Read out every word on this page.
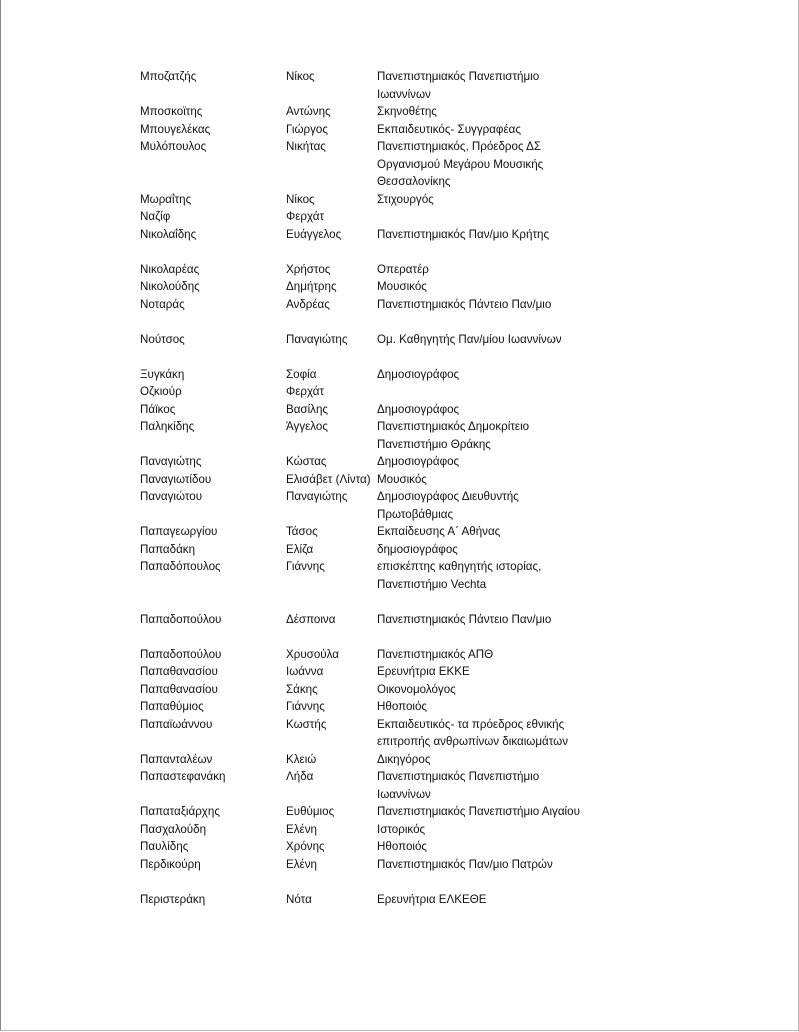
Μποζατζής	Νίκος	Πανεπιστημιακός Πανεπιστήμιο Ιωαννίνων
Μποσκοϊτης	Αντώνης	Σκηνοθέτης
Μπουγελέκας	Γιώργος	Εκπαιδευτικός- Συγγραφέας
Μυλόπουλος	Νικήτας	Πανεπιστημιακός, Πρόεδρος ΔΣ Οργανισμού Μεγάρου Μουσικής Θεσσαλονίκης
Μωραΐτης	Νίκος	Στιχουργός
Ναζίφ	Φερχάτ
Νικολαΐδης	Ευάγγελος	Πανεπιστημιακός Παν/μιο Κρήτης
Νικολαρέας	Χρήστος	Οπερατέρ
Νικολούδης	Δημήτρης	Μουσικός
Νοταράς	Ανδρέας	Πανεπιστημιακός Πάντειο Παν/μιο
Νούτσος	Παναγιώτης	Ομ. Καθηγητής Παν/μίου Ιωαννίνων
Ξυγκάκη	Σοφία	Δημοσιογράφος
Οζκιούρ	Φερχάτ
Πάϊκος	Βασίλης	Δημοσιογράφος
Παληκίδης	Άγγελος	Πανεπιστημιακός Δημοκρίτειο Πανεπιστήμιο Θράκης
Παναγιώτης	Κώστας	Δημοσιογράφος
Παναγιωτίδου	Ελισάβετ (Λίντα) Μουσικός
Παναγιώτου	Παναγιώτης	Δημοσιογράφος Διευθυντής Πρωτοβάθμιας
Παπαγεωργίου	Τάσος	Εκπαίδευσης Α΄ Αθήνας
Παπαδάκη	Ελίζα	δημοσιογράφος
Παπαδόπουλος	Γιάννης	επισκέπτης καθηγητής ιστορίας, Πανεπιστήμιο Vechta
Παπαδοπούλου	Δέσποινα	Πανεπιστημιακός Πάντειο Παν/μιο
Παπαδοπούλου	Χρυσούλα	Πανεπιστημιακός ΑΠΘ
Παπαθανασίου	Ιωάννα	Ερευνήτρια ΕΚΚΕ
Παπαθανασίου	Σάκης	Οικονομολόγος
Παπαθύμιος	Γιάννης	Ηθοποιός
Παπαϊωάννου	Κωστής	Εκπαιδευτικός- τα πρόεδρος εθνικής επιτροπής ανθρωπίνων δικαιωμάτων
Παπανταλέων	Κλειώ	Δικηγόρος
Παπαστεφανάκη	Λήδα	Πανεπιστημιακός Πανεπιστήμιο Ιωαννίνων
Παπαταξιάρχης	Ευθύμιος	Πανεπιστημιακός Πανεπιστήμιο Αιγαίου
Πασχαλούδη	Ελένη	Ιστορικός
Παυλίδης	Χρόνης	Ηθοποιός
Περδικούρη	Ελένη	Πανεπιστημιακός Παν/μιο Πατρών
Περιστεράκη	Νότα	Ερευνήτρια ΕΛΚΕΘΕ
